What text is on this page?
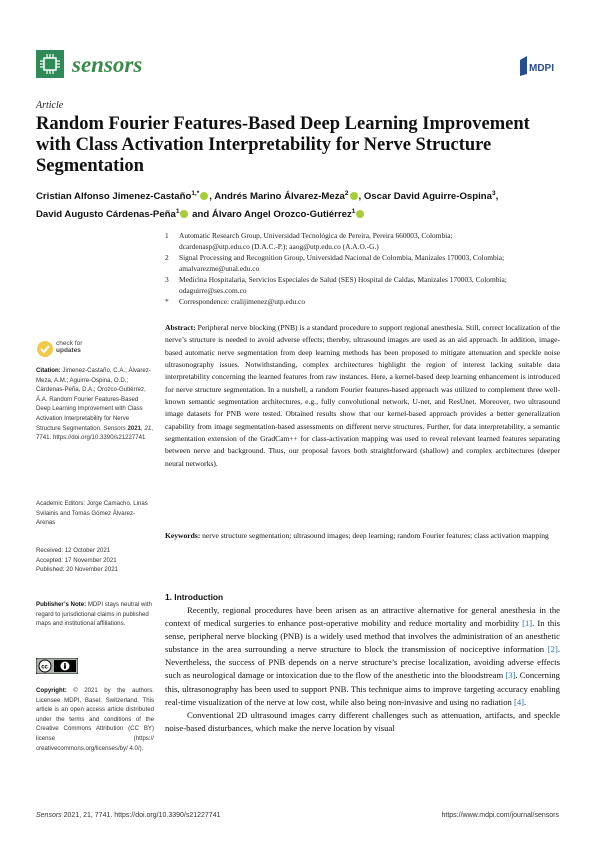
sensors	MDPI
Article
Random Fourier Features-Based Deep Learning Improvement with Class Activation Interpretability for Nerve Structure Segmentation
Cristian Alfonso Jimenez-Castaño$^{1,*}$ , Andrés Marino Álvarez-Meza$^2$ , Oscar David Aguirre-Ospina$^3$,
David Augusto Cárdenas-Peña$^1$ and Álvaro Angel Orozco-Gutiérrez$^1$
1	Automatic Research Group, Universidad Tecnológica de Pereira, Pereira 660003, Colombia;
dcardenasp@utp.edu.co (D.A.C.-P.); aaog@utp.edu.co (A.A.O.-G.)
2	Signal Processing and Recognition Group, Universidad Nacional de Colombia, Manizales 170003, Colombia;
amalvarezme@unal.edu.co
3	Medicina Hospitalaria, Servicios Especiales de Salud (SES) Hospital de Caldas, Manizales 170003, Colombia;
odaguirre@ses.com.co
*	Correspondence: cralijimenez@utp.edu.co
check for
updates
Citation: Jimenez-Castaño, C.A.; Álvarez-Meza, A.M.; Aguirre-Ospina, O.D.; Cárdenas-Peña, D.A.; Orozco-Gutiérrez, Á.A. Random Fourier Features-Based Deep Learning Improvement with Class Activation Interpretability for Nerve Structure Segmentation. Sensors 2021, 21, 7741. https://doi.org/10.3390/s21227741
Academic Editors: Jorge Camacho, Linas Svilainis and Tomás Gómez Álvarez-Arenas
Received: 12 October 2021
Accepted: 17 November 2021
Published: 20 November 2021
Publisher’s Note: MDPI stays neutral with regard to jurisdictional claims in published maps and institutional affiliations.
cc
Copyright: © 2021 by the authors. Licensee MDPI, Basel, Switzerland. This article is an open access article distributed under the terms and conditions of the Creative Commons Attribution (CC BY) license (https:// creativecommons.org/licenses/by/ 4.0/).
Abstract: Peripheral nerve blocking (PNB) is a standard procedure to support regional anesthesia. Still, correct localization of the nerve’s structure is needed to avoid adverse effects; thereby, ultrasound images are used as an aid approach. In addition, image-based automatic nerve segmentation from deep learning methods has been proposed to mitigate attenuation and speckle noise ultrasonography issues. Notwithstanding, complex architectures highlight the region of interest lacking suitable data interpretability concerning the learned features from raw instances. Here, a kernel-based deep learning enhancement is introduced for nerve structure segmentation. In a nutshell, a random Fourier features-based approach was utilized to complement three well-known semantic segmentation architectures, e.g., fully convolutional network, U-net, and ResUnet. Moreover, two ultrasound image datasets for PNB were tested. Obtained results show that our kernel-based approach provides a better generalization capability from image segmentation-based assessments on different nerve structures. Further, for data interpretability, a semantic segmentation extension of the GradCam++ for class-activation mapping was used to reveal relevant learned features separating between nerve and background. Thus, our proposal favors both straightforward (shallow) and complex architectures (deeper neural networks).
Keywords: nerve structure segmentation; ultrasound images; deep learning; random Fourier features; class activation mapping
1. Introduction

Recently, regional procedures have been arisen as an attractive alternative for general anesthesia in the context of medical surgeries to enhance post-operative mobility and reduce mortality and morbidity [1]. In this sense, peripheral nerve blocking (PNB) is a widely used method that involves the administration of an anesthetic substance in the area surrounding a nerve structure to block the transmission of nociceptive information [2]. Nevertheless, the success of PNB depends on a nerve structure’s precise localization, avoiding adverse effects such as neurological damage or intoxication due to the flow of the anesthetic into the bloodstream [3]. Concerning this, ultrasonography has been used to support PNB. This technique aims to improve targeting accuracy enabling real-time visualization of the nerve at low cost, while also being non-invasive and using no radiation [4].

Conventional 2D ultrasound images carry different challenges such as attenuation, artifacts, and speckle noise-based disturbances, which make the nerve location by visual

Sensors 2021, 21, 7741. https://doi.org/10.3390/s21227741	https://www.mdpi.com/journal/sensors
